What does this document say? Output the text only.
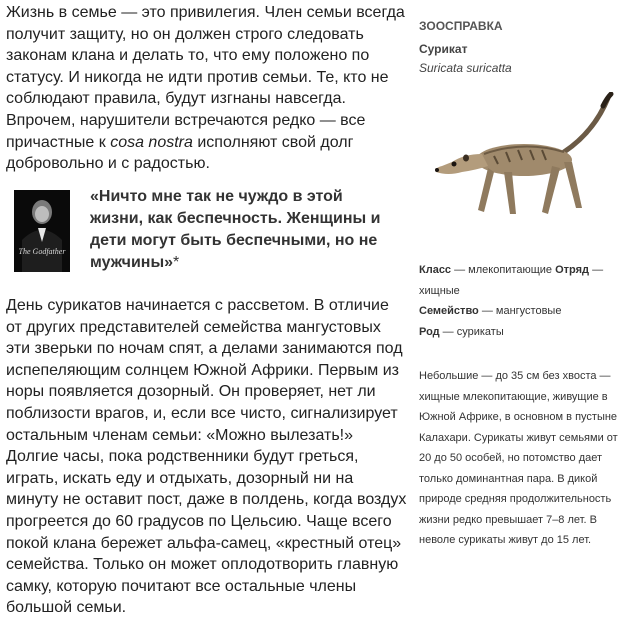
Жизнь в семье — это привилегия. Член семьи всегда получит защиту, но он должен строго следовать законам клана и делать то, что ему положено по статусу. И никогда не идти против семьи. Те, кто не соблюдают правила, будут изгнаны навсегда. Впрочем, нарушители встречаются редко — все причастные к cosa nostra исполняют свой долг добровольно и с радостью.

The Godfather

«Ничто мне так не чуждо в этой жизни, как беспечность. Женщины и дети могут быть беспечными, но не мужчины»*

День сурикатов начинается с рассветом. В отличие от других представителей семейства мангустовых эти зверьки по ночам спят, а делами занимаются под испепеляющим солнцем Южной Африки. Первым из норы появляется дозорный. Он проверяет, нет ли поблизости врагов, и, если все чисто, сигнализирует остальным членам семьи: «Можно вылезать!» Долгие часы, пока родственники будут греться, играть, искать еду и отдыхать, дозорный ни на минуту не оставит пост, даже в полдень, когда воздух прогреется до 60 градусов по Цельсию. Чаще всего покой клана бережет альфа-самец, «крестный отец» семейства. Только он может оплодотворить главную самку, которую почитают все остальные члены большой семьи.

ЗООСПРАВКА

Сурикат

Suricata suricatta

Класс — млекопитающие Отряд — хищные
Семейство — мангустовые
Род — сурикаты

Небольшие — до 35 см без хвоста — хищные млекопитающие, живущие в Южной Африке, в основном в пустыне Калахари. Сурикаты живут семьями от 20 до 50 особей, но потомство дает только доминантная пара. В дикой природе средняя продолжительность жизни редко превышает 7–8 лет. В неволе сурикаты живут до 15 лет.
